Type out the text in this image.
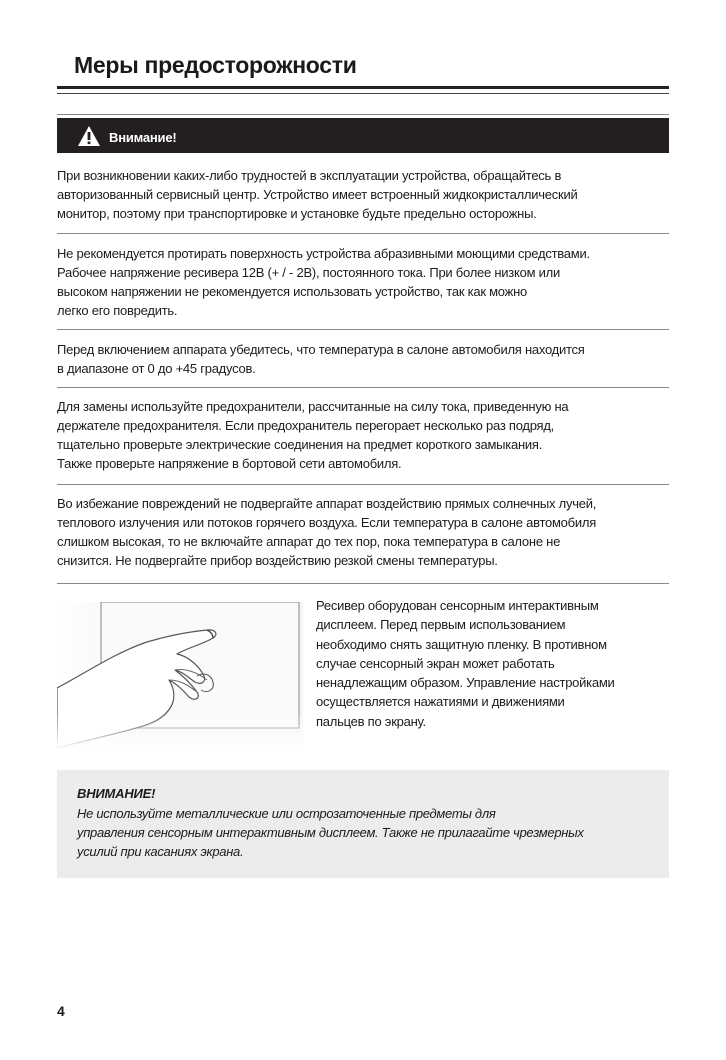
Меры предосторожности
Внимание!

При возникновении каких-либо трудностей в эксплуатации устройства, обращайтесь в
авторизованный сервисный центр. Устройство имеет встроенный жидкокристаллический
монитор, поэтому при транспортировке и установке будьте предельно осторожны.

Не рекомендуется протирать поверхность устройства абразивными моющими средствами.
Рабочее напряжение ресивера 12В (+ / - 2В), постоянного тока. При более низком или
высоком напряжении не рекомендуется использовать устройство, так как можно
легко его повредить.

Перед включением аппарата убедитесь, что температура в салоне автомобиля находится
в диапазоне от 0 до +45 градусов.

Для замены используйте предохранители, рассчитанные на силу тока, приведенную на
держателе предохранителя. Если предохранитель перегорает несколько раз подряд,
тщательно проверьте электрические соединения на предмет короткого замыкания.
Также проверьте напряжение в бортовой сети автомобиля.

Во избежание повреждений не подвергайте аппарат воздействию прямых солнечных лучей,
теплового излучения или потоков горячего воздуха. Если температура в салоне автомобиля
слишком высокая, то не включайте аппарат до тех пор, пока температура в салоне не
снизится. Не подвергайте прибор воздействию резкой смены температуры.

Ресивер оборудован сенсорным интерактивным
дисплеем. Перед первым использованием
необходимо снять защитную пленку. В противном
случае сенсорный экран может работать
ненадлежащим образом. Управление настройками
осуществляется нажатиями и движениями
пальцев по экрану.

ВНИМАНИЕ!

Не используйте металлические или острозаточенные предметы для
управления сенсорным интерактивным дисплеем. Также не прилагайте чрезмерных
усилий при касаниях экрана.

4
